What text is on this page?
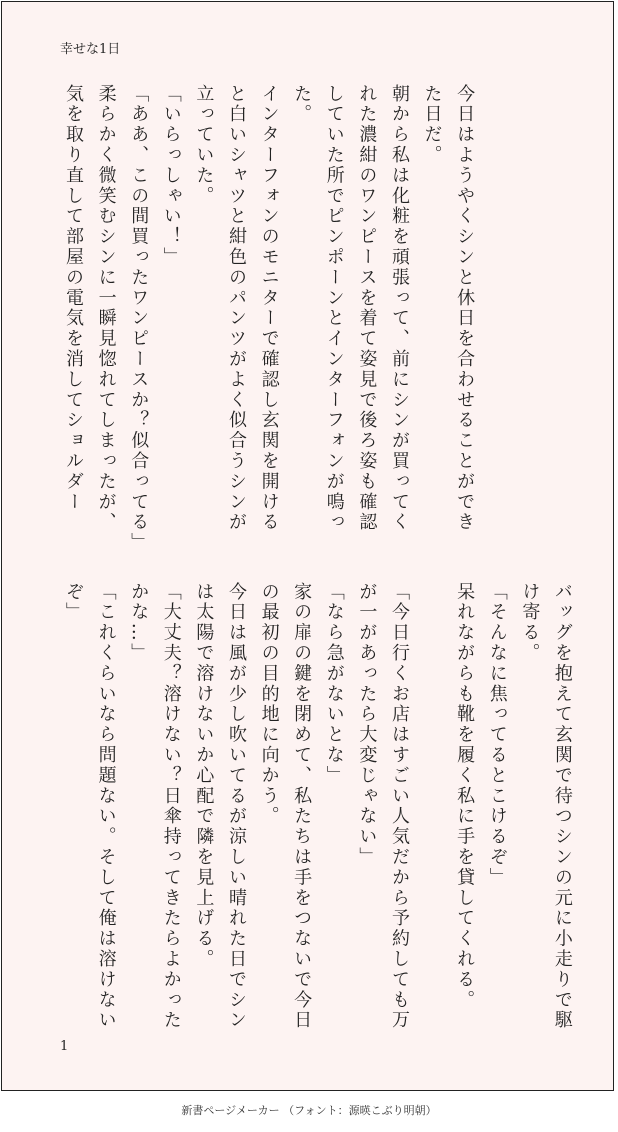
幸せな1日
今日はようやくシンと休日を合わせることができ
た日だ。
朝から私は化粧を頑張って、前にシンが買ってく
れた濃紺のワンピースを着て姿見で後ろ姿も確認
していた所でピンポーンとインターフォンが鳴っ
た。
インターフォンのモニターで確認し玄関を開ける
と白いシャツと紺色のパンツがよく似合うシンが
立っていた。
「いらっしゃい！」
「ああ、この間買ったワンピースか？似合ってる」
柔らかく微笑むシンに一瞬見惚れてしまったが、
気を取り直して部屋の電気を消してショルダー
バッグを抱えて玄関で待つシンの元に小走りで駆
け寄る。
「そんなに焦ってるとこけるぞ」
呆れながらも靴を履く私に手を貸してくれる。
「今日行くお店はすごい人気だから予約しても万
が一があったら大変じゃない」
「なら急がないとな」
家の扉の鍵を閉めて、私たちは手をつないで今日
の最初の目的地に向かう。
今日は風が少し吹いてるが涼しい晴れた日でシン
は太陽で溶けないか心配で隣を見上げる。
「大丈夫？溶けない？日傘持ってきたらよかった
かな…」
「これくらいなら問題ない。そして俺は溶けない
ぞ」
1
新書ページメーカー （フォント：源暎こぶり明朝）
